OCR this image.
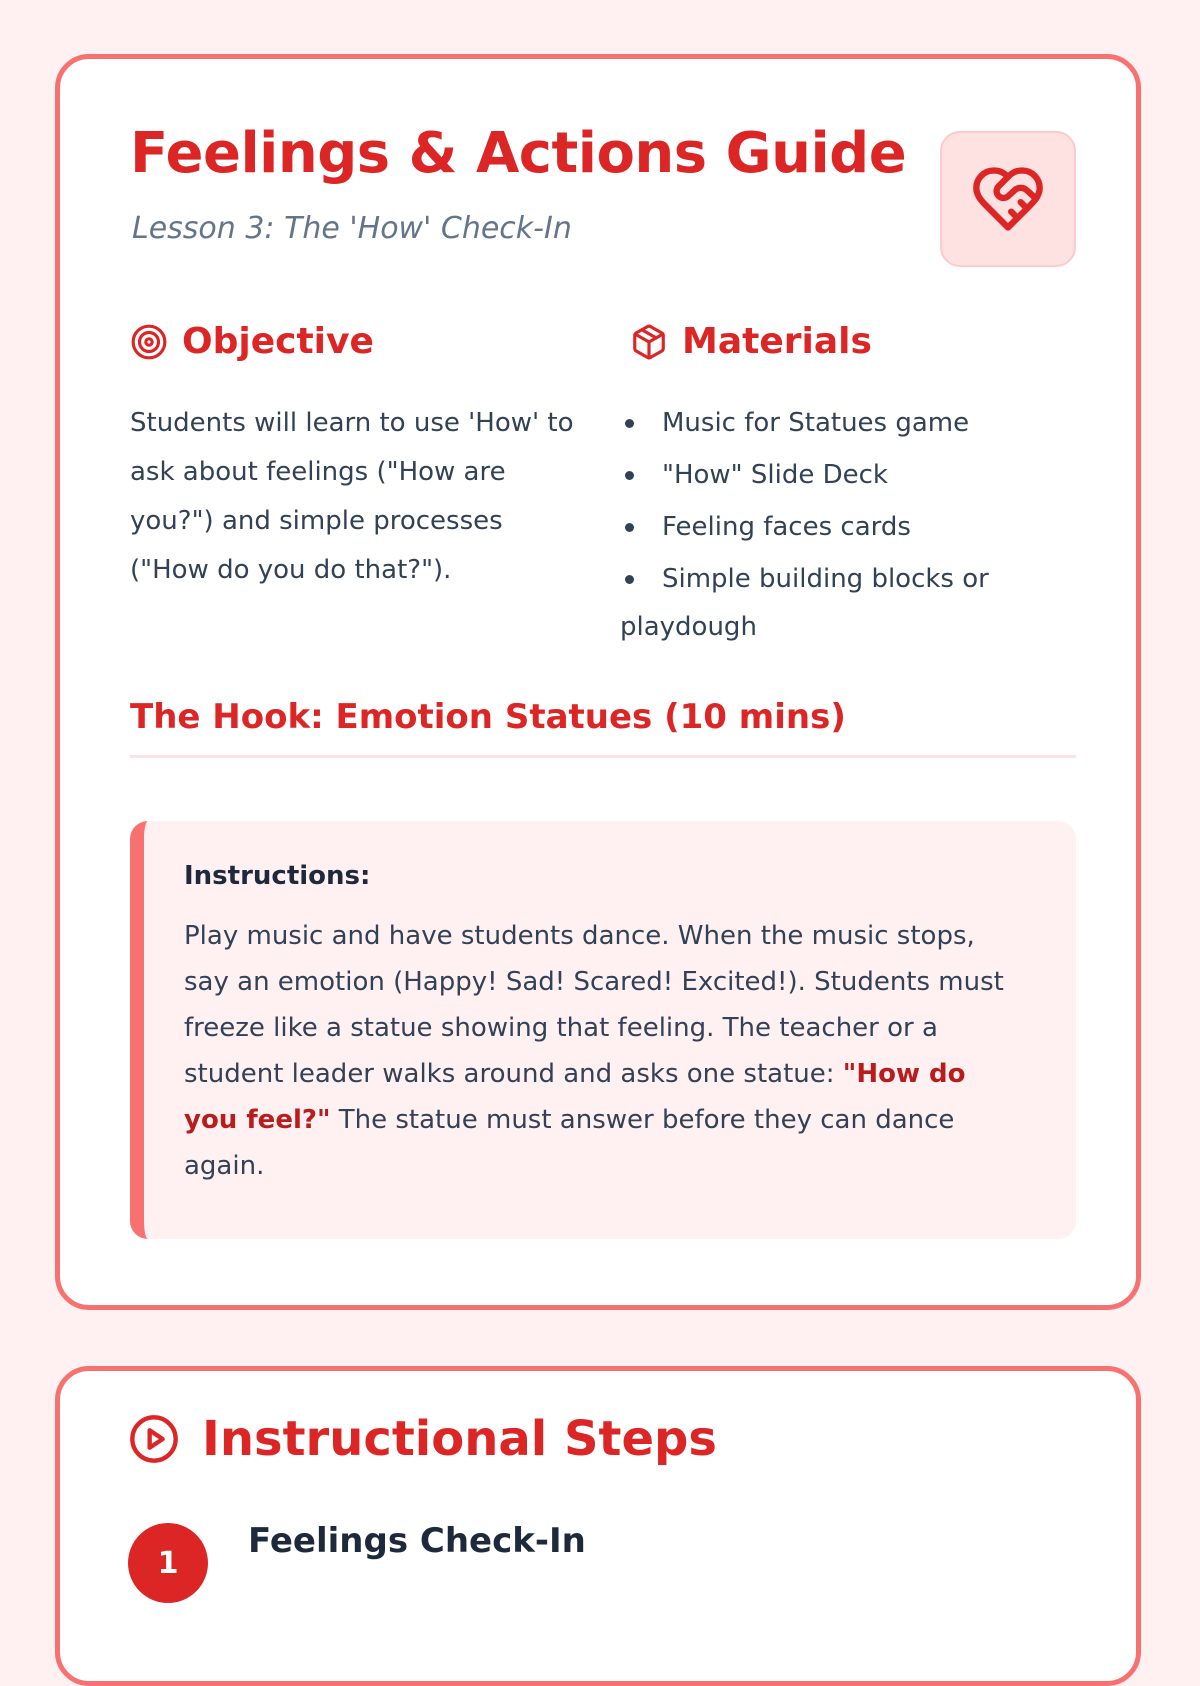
Feelings & Actions Guide
Lesson 3: The 'How' Check-In
Objective

Students will learn to use 'How' to ask about feelings ("How are you?") and simple processes ("How do you do that?").

Materials
Music for Statues game
"How" Slide Deck
Feeling faces cards
Simple building blocks or playdough
The Hook: Emotion Statues (10 mins)
Instructions:
Play music and have students dance. When the music stops, say an emotion (Happy! Sad! Scared! Excited!). Students must freeze like a statue showing that feeling. The teacher or a student leader walks around and asks one statue: "How do you feel?" The statue must answer before they can dance again.
Instructional Steps
1
Feelings Check-In
